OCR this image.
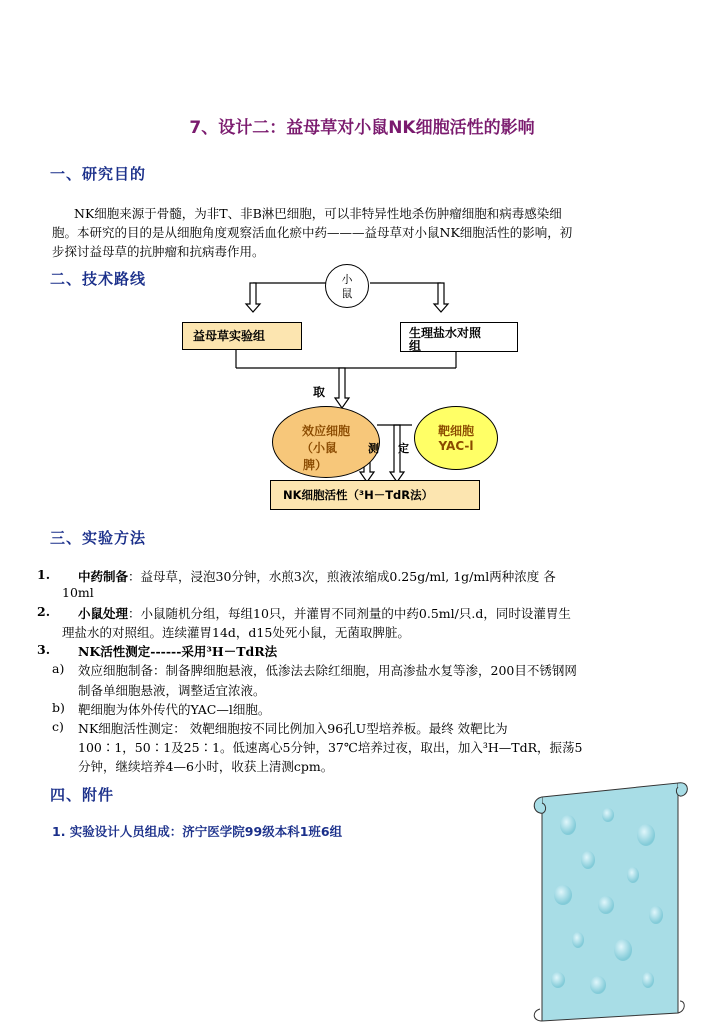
7、设计二：益母草对小鼠NK细胞活性的影响
一、研究目的
NK细胞来源于骨髓，为非T、非B淋巴细胞，可以非特异性地杀伤肿瘤细胞和病毒感染细
胞。本研究的目的是从细胞角度观察活血化瘀中药———益母草对小鼠NK细胞活性的影响，初
步探讨益母草的抗肿瘤和抗病毒作用。
二、技术路线	小
鼠
益母草实验组	生理盐水对照
组
取
效应细胞
（小鼠
脾）
测 定
靶细胞
YAC-l
NK细胞活性（³H－TdR法）
三、实验方法
1. 中药制备：益母草，浸泡30分钟，水煎3次，煎液浓缩成0.25g/ml, 1g/ml两种浓度 各
10ml
2. 小鼠处理：小鼠随机分组，每组10只，并灌胃不同剂量的中药0.5ml/只.d，同时设灌胃生
理盐水的对照组。连续灌胃14d，d15处死小鼠，无菌取脾脏。
3. NK活性测定------采用³H－TdR法
a) 效应细胞制备：制备脾细胞悬液，低渗法去除红细胞，用高渗盐水复等渗，200目不锈钢网
制备单细胞悬液，调整适宜浓液。
b) 靶细胞为体外传代的YAC—l细胞。
c) NK细胞活性测定： 效靶细胞按不同比例加入96孔U型培养板。最终 效靶比为
100∶1，50∶1及25∶1。低速离心5分钟，37℃培养过夜，取出，加入³H—TdR，振荡5
分钟，继续培养4—6小时，收获上清测cpm。
四、附件
1. 实验设计人员组成：济宁医学院99级本科1班6组
